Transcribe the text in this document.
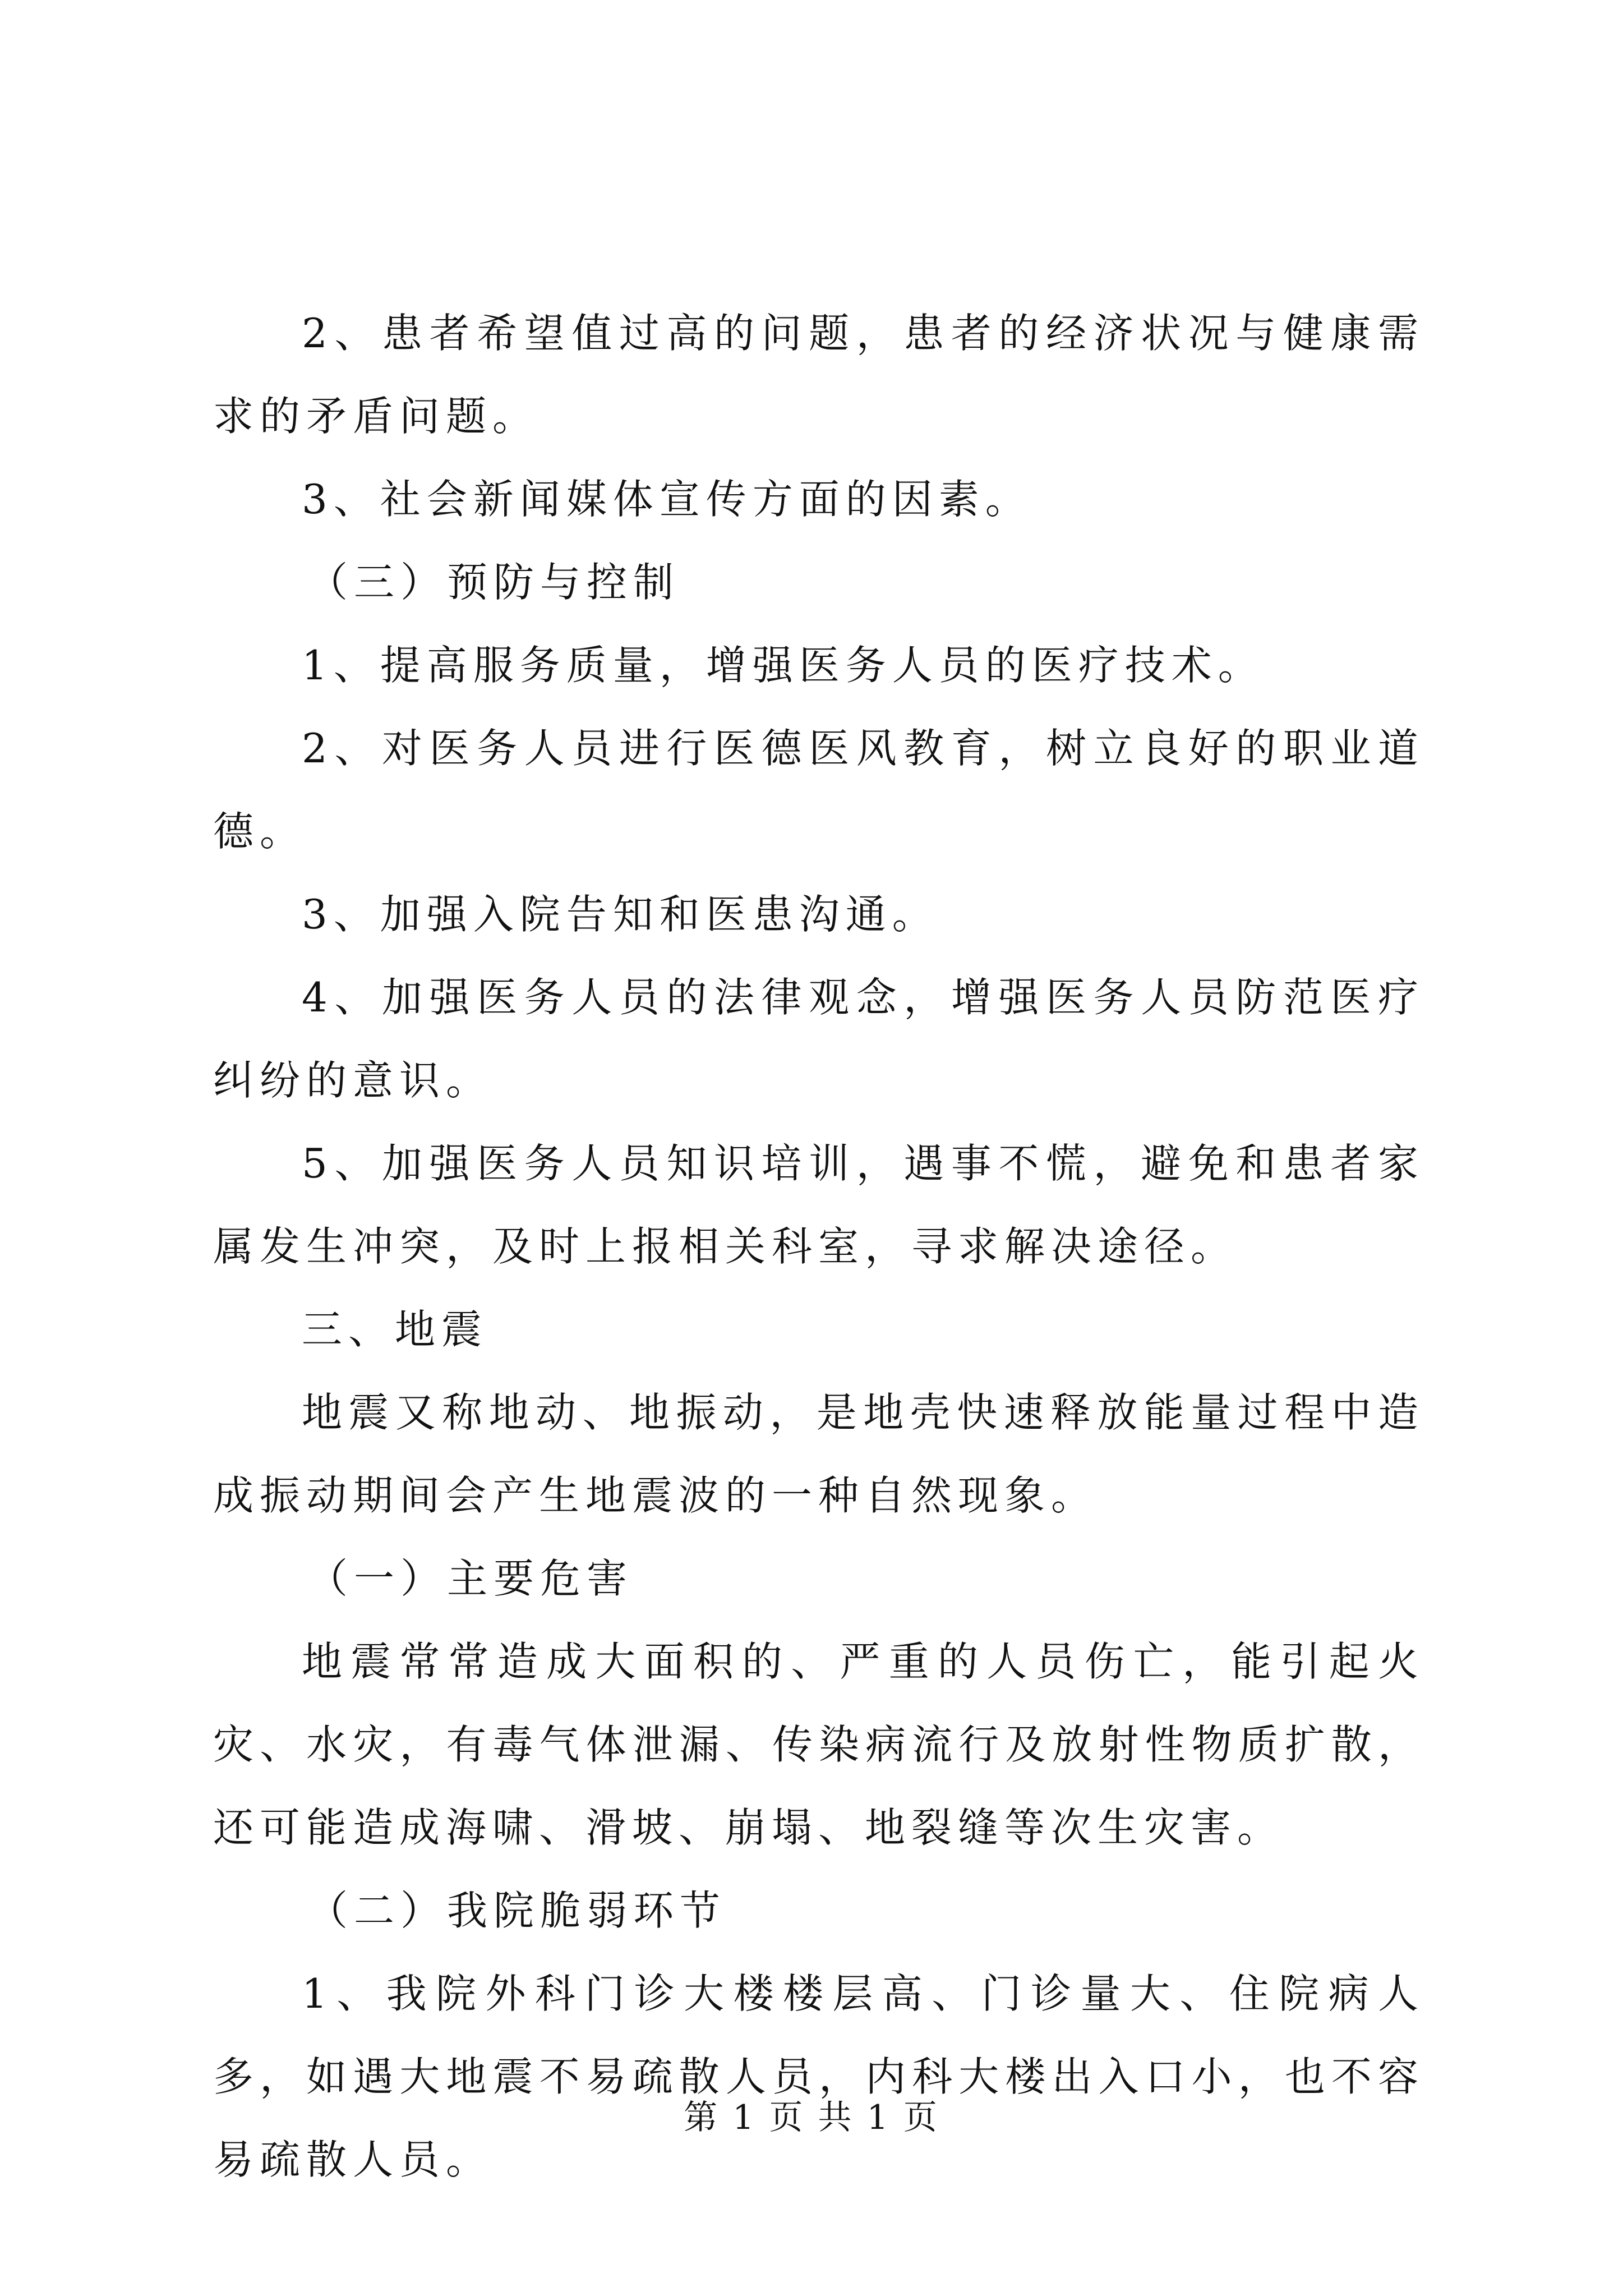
2、患者希望值过高的问题，患者的经济状况与健康需求的矛盾问题。

3、社会新闻媒体宣传方面的因素。

（三）预防与控制

1、提高服务质量，增强医务人员的医疗技术。

2、对医务人员进行医德医风教育，树立良好的职业道德。

3、加强入院告知和医患沟通。

4、加强医务人员的法律观念，增强医务人员防范医疗纠纷的意识。

5、加强医务人员知识培训，遇事不慌，避免和患者家属发生冲突，及时上报相关科室，寻求解决途径。

三、地震

地震又称地动、地振动，是地壳快速释放能量过程中造成振动期间会产生地震波的一种自然现象。

（一）主要危害

地震常常造成大面积的、严重的人员伤亡，能引起火灾、水灾，有毒气体泄漏、传染病流行及放射性物质扩散，还可能造成海啸、滑坡、崩塌、地裂缝等次生灾害。

（二）我院脆弱环节

1、我院外科门诊大楼楼层高、门诊量大、住院病人多，如遇大地震不易疏散人员，内科大楼出入口小，也不容易疏散人员。

第 1 页 共 1 页
